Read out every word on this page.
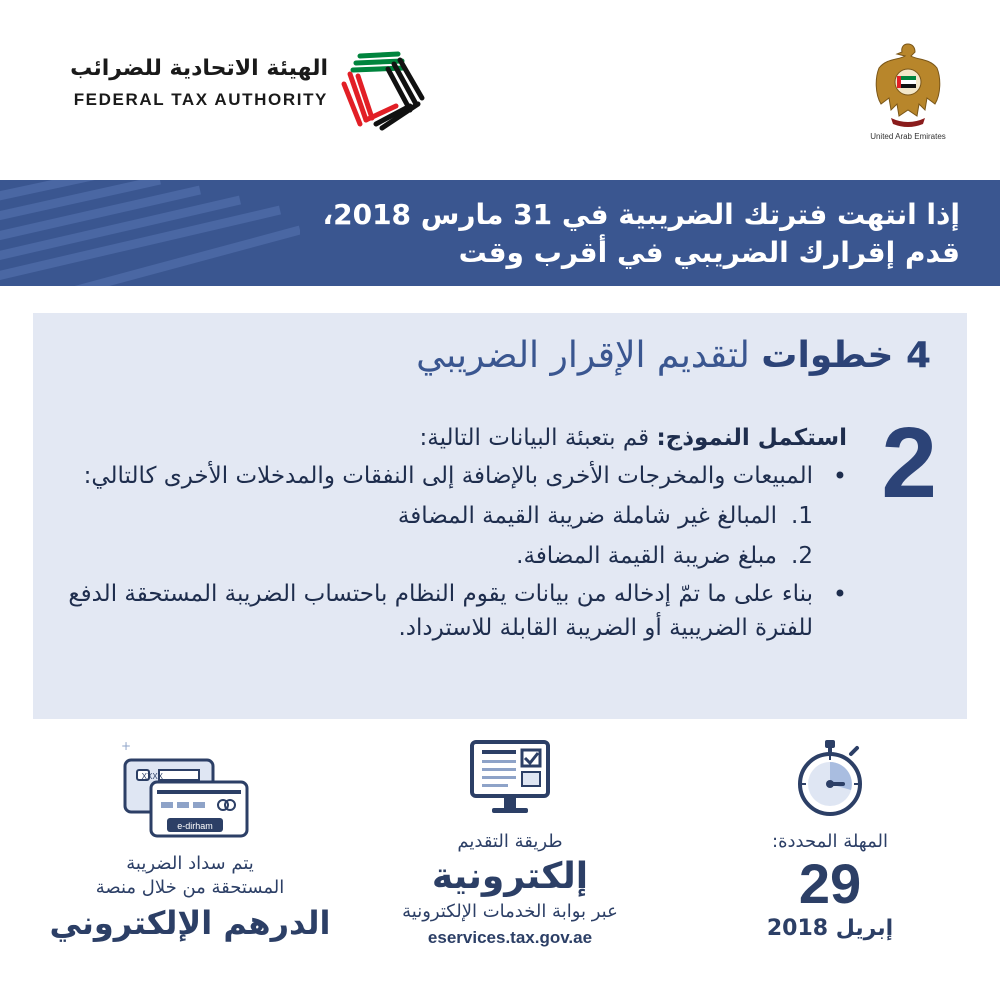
الهيئة الاتحادية للضرائب
FEDERAL TAX AUTHORITY
United Arab Emirates
إذا انتهت فترتك الضريبية في 31 مارس 2018،
قدم إقرارك الضريبي في أقرب وقت
4 خطوات لتقديم الإقرار الضريبي
2
استكمل النموذج: قم بتعبئة البيانات التالية:
•
المبيعات والمخرجات الأخرى بالإضافة إلى النفقات والمدخلات الأخرى كالتالي:
1.
المبالغ غير شاملة ضريبة القيمة المضافة
2.
مبلغ ضريبة القيمة المضافة.
•
بناء على ما تمّ إدخاله من بيانات يقوم النظام باحتساب الضريبة المستحقة الدفع للفترة الضريبية أو الضريبة القابلة للاسترداد.
المهلة المحددة:
29
إبريل 2018
طريقة التقديم
إلكترونية
عبر بوابة الخدمات الإلكترونية
eservices.tax.gov.ae
+
XXXX
e-dirham
يتم سداد الضريبة
المستحقة من خلال منصة
الدرهم الإلكتروني
